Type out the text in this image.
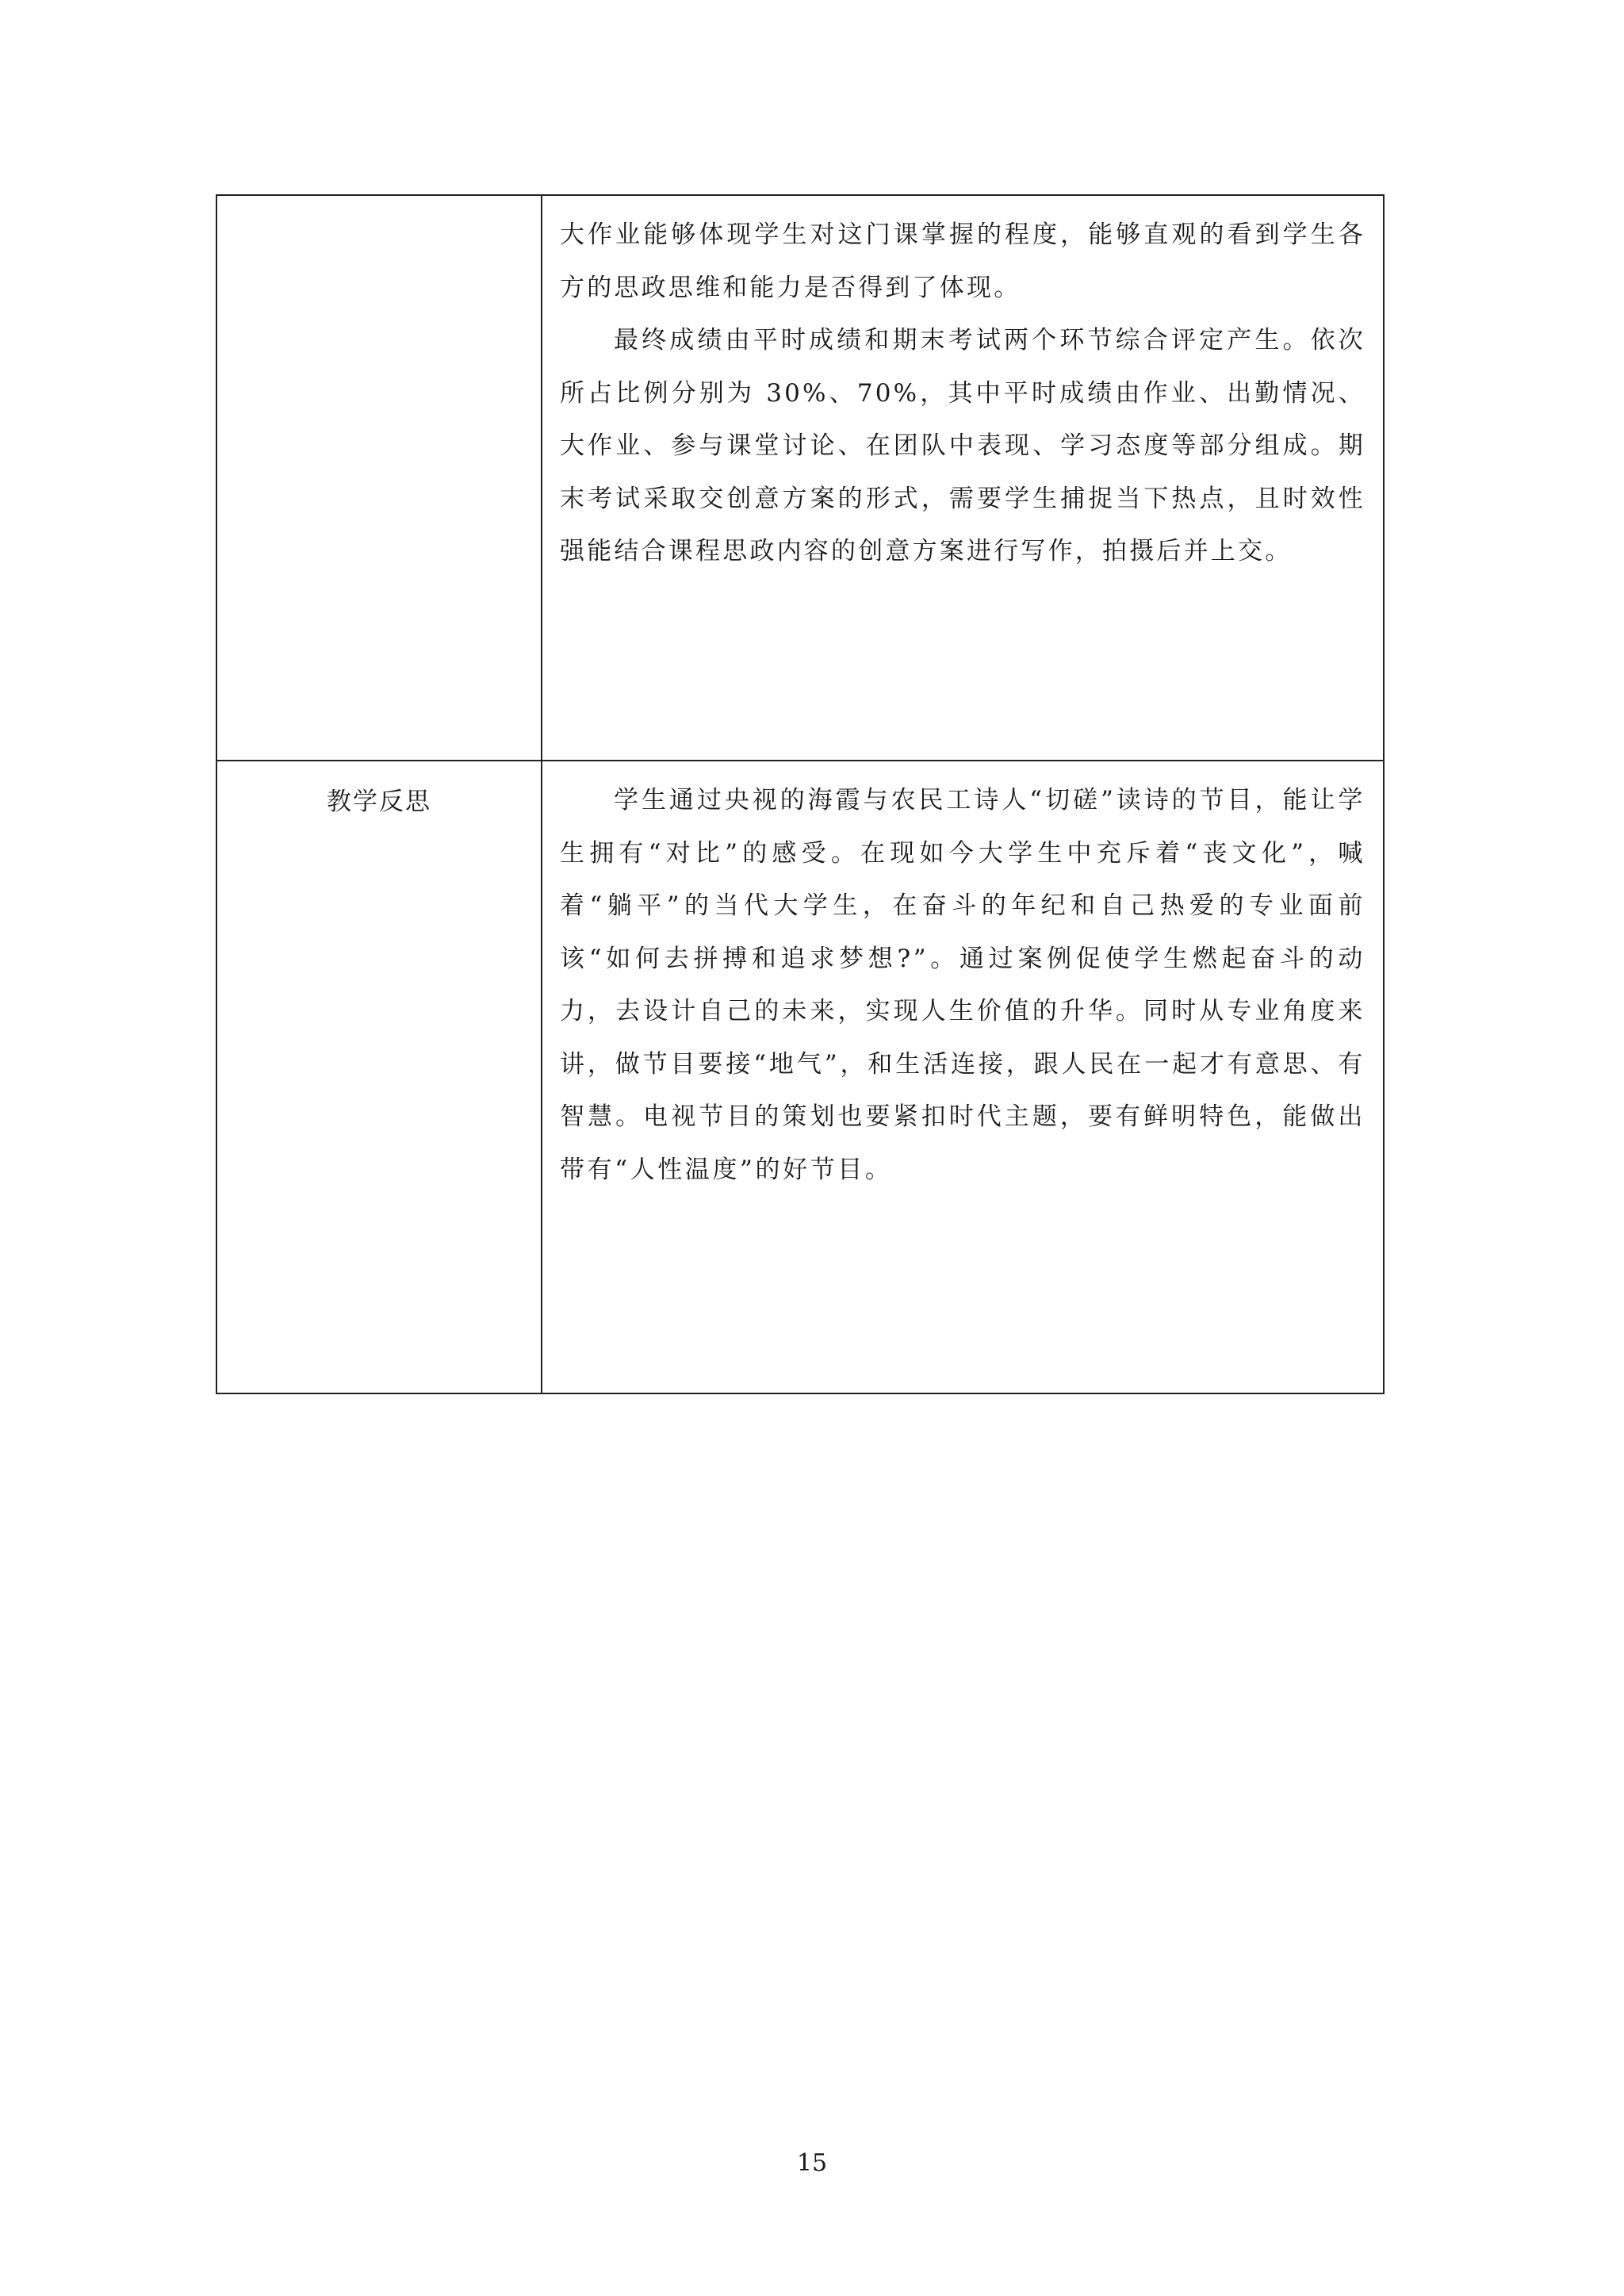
	大作业能够体现学生对这门课掌握的程度，能够直观的看到学生各方的思政思维和能力是否得到了体现。

最终成绩由平时成绩和期末考试两个环节综合评定产生。依次所占比例分别为 30%、70%，其中平时成绩由作业、出勤情况、大作业、参与课堂讨论、在团队中表现、学习态度等部分组成。期末考试采取交创意方案的形式，需要学生捕捉当下热点，且时效性强能结合课程思政内容的创意方案进行写作，拍摄后并上交。

教学反思	学生通过央视的海霞与农民工诗人“切磋”读诗的节目，能让学生拥有“对比”的感受。在现如今大学生中充斥着“丧文化”，喊着“躺平”的当代大学生，在奋斗的年纪和自己热爱的专业面前该“如何去拼搏和追求梦想?”。通过案例促使学生燃起奋斗的动力，去设计自己的未来，实现人生价值的升华。同时从专业角度来讲，做节目要接“地气”，和生活连接，跟人民在一起才有意思、有智慧。电视节目的策划也要紧扣时代主题，要有鲜明特色，能做出带有“人性温度”的好节目。

15
